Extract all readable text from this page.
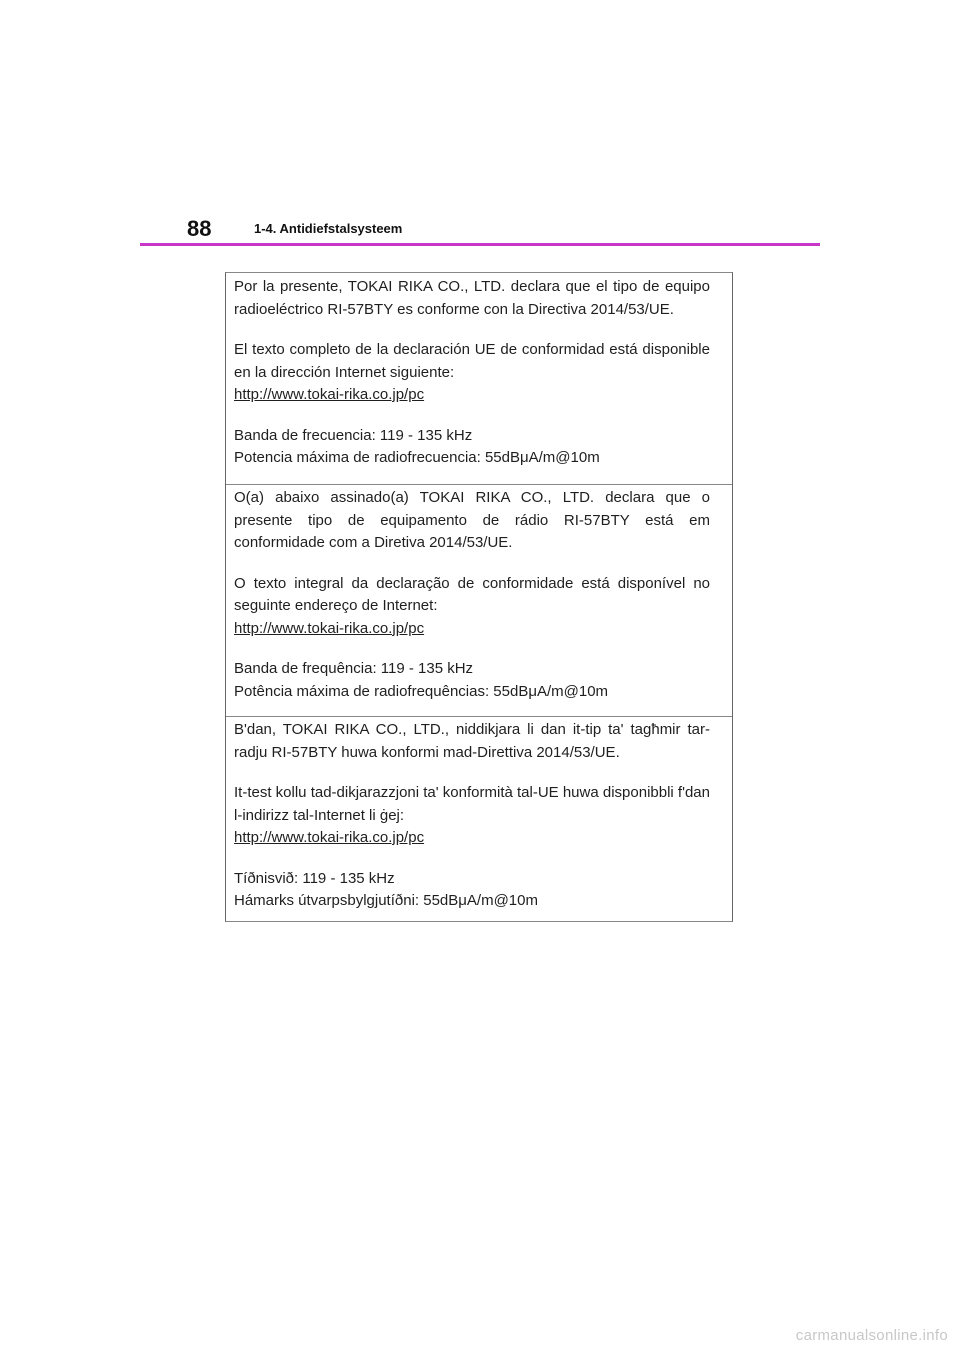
88	1-4. Antidiefstalsysteem

Por la presente, TOKAI RIKA CO., LTD. declara que el tipo de equipo radioeléctrico RI-57BTY es conforme con la Directiva 2014/53/UE.

El texto completo de la declaración UE de conformidad está disponible en la dirección Internet siguiente:

http://www.tokai-rika.co.jp/pc

Banda de frecuencia: 119 - 135 kHz

Potencia máxima de radiofrecuencia: 55dBμA/m@10m

O(a) abaixo assinado(a) TOKAI RIKA CO., LTD. declara que o presente tipo de equipamento de rádio RI-57BTY está em conformidade com a Diretiva 2014/53/UE.

O texto integral da declaração de conformidade está disponível no seguinte endereço de Internet:

http://www.tokai-rika.co.jp/pc

Banda de frequência: 119 - 135 kHz

Potência máxima de radiofrequências: 55dBμA/m@10m

B'dan, TOKAI RIKA CO., LTD., niddikjara li dan it-tip ta' tagħmir tar-radju RI-57BTY huwa konformi mad-Direttiva 2014/53/UE.

It-test kollu tad-dikjarazzjoni ta' konformità tal-UE huwa disponibbli f'dan l-indirizz tal-Internet li ġej:

http://www.tokai-rika.co.jp/pc

Tíðnisvið: 119 - 135 kHz

Hámarks útvarpsbylgjutíðni: 55dBμA/m@10m

carmanualsonline.info
